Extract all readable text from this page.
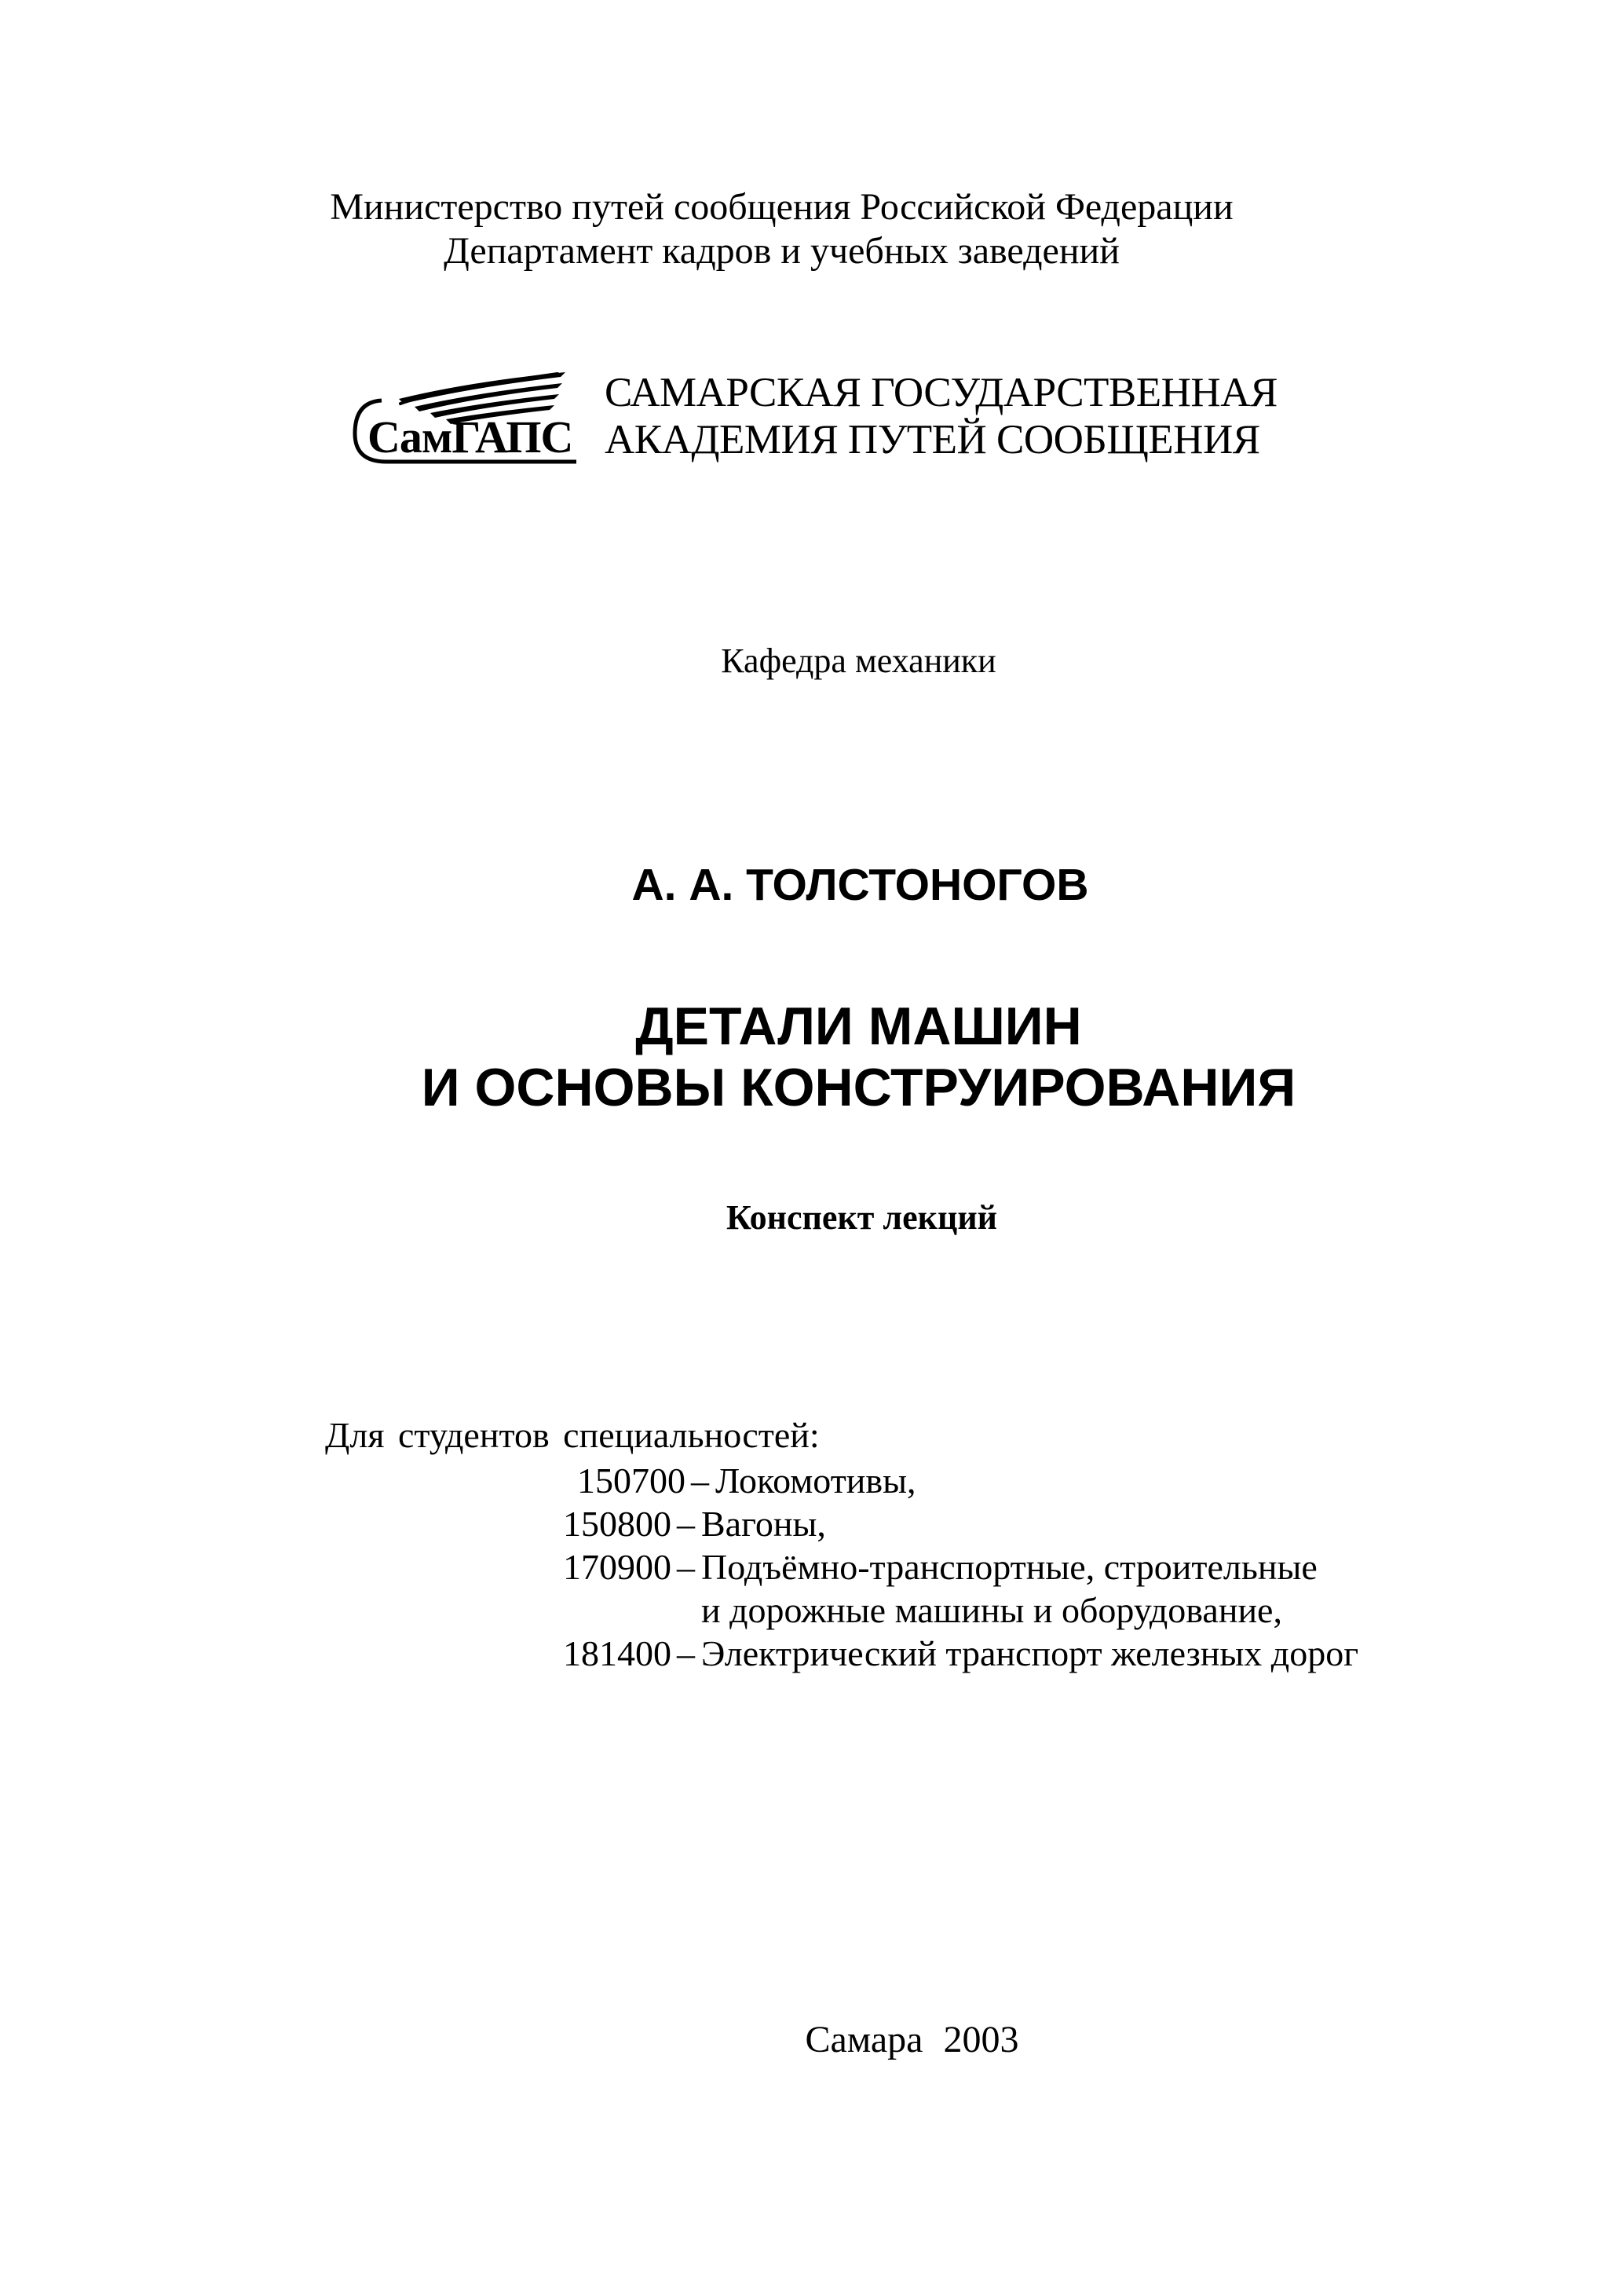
Министерство путей сообщения Российской Федерации
Департамент кадров и учебных заведений
СамГАПС
САМАРСКАЯ ГОСУДАРСТВЕННАЯ
АКАДЕМИЯ ПУТЕЙ СООБЩЕНИЯ
Кафедра механики
А. А. ТОЛСТОНОГОВ
ДЕТАЛИ МАШИН
И ОСНОВЫ КОНСТРУИРОВАНИЯ
Конспект лекций
Для студентов специальностей:
150700 – Локомотивы,
150800 – Вагоны,
170900 – Подъёмно-транспортные, строительные
и дорожные машины и оборудование,
181400 – Электрический транспорт железных дорог
Самара 2003
